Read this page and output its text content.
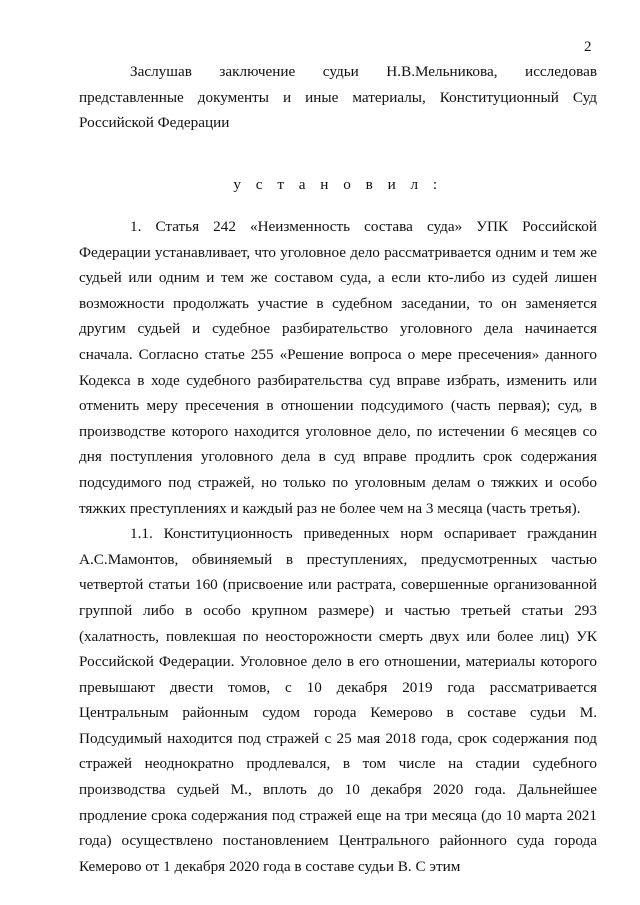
2

Заслушав заключение судьи Н.В.Мельникова, исследовав представленные документы и иные материалы, Конституционный Суд Российской Федерации

у с т а н о в и л :

1. Статья 242 «Неизменность состава суда» УПК Российской Федерации устанавливает, что уголовное дело рассматривается одним и тем же судьей или одним и тем же составом суда, а если кто-либо из судей лишен возможности продолжать участие в судебном заседании, то он заменяется другим судьей и судебное разбирательство уголовного дела начинается сначала. Согласно статье 255 «Решение вопроса о мере пресечения» данного Кодекса в ходе судебного разбирательства суд вправе избрать, изменить или отменить меру пресечения в отношении подсудимого (часть первая); суд, в производстве которого находится уголовное дело, по истечении 6 месяцев со дня поступления уголовного дела в суд вправе продлить срок содержания подсудимого под стражей, но только по уголовным делам о тяжких и особо тяжких преступлениях и каждый раз не более чем на 3 месяца (часть третья).

1.1. Конституционность приведенных норм оспаривает гражданин А.С.Мамонтов, обвиняемый в преступлениях, предусмотренных частью четвертой статьи 160 (присвоение или растрата, совершенные организованной группой либо в особо крупном размере) и частью третьей статьи 293 (халатность, повлекшая по неосторожности смерть двух или более лиц) УК Российской Федерации. Уголовное дело в его отношении, материалы которого превышают двести томов, с 10 декабря 2019 года рассматривается Центральным районным судом города Кемерово в составе судьи М. Подсудимый находится под стражей с 25 мая 2018 года, срок содержания под стражей неоднократно продлевался, в том числе на стадии судебного производства судьей М., вплоть до 10 декабря 2020 года. Дальнейшее продление срока содержания под стражей еще на три месяца (до 10 марта 2021 года) осуществлено постановлением Центрального районного суда города Кемерово от 1 декабря 2020 года в составе судьи В. С этим
